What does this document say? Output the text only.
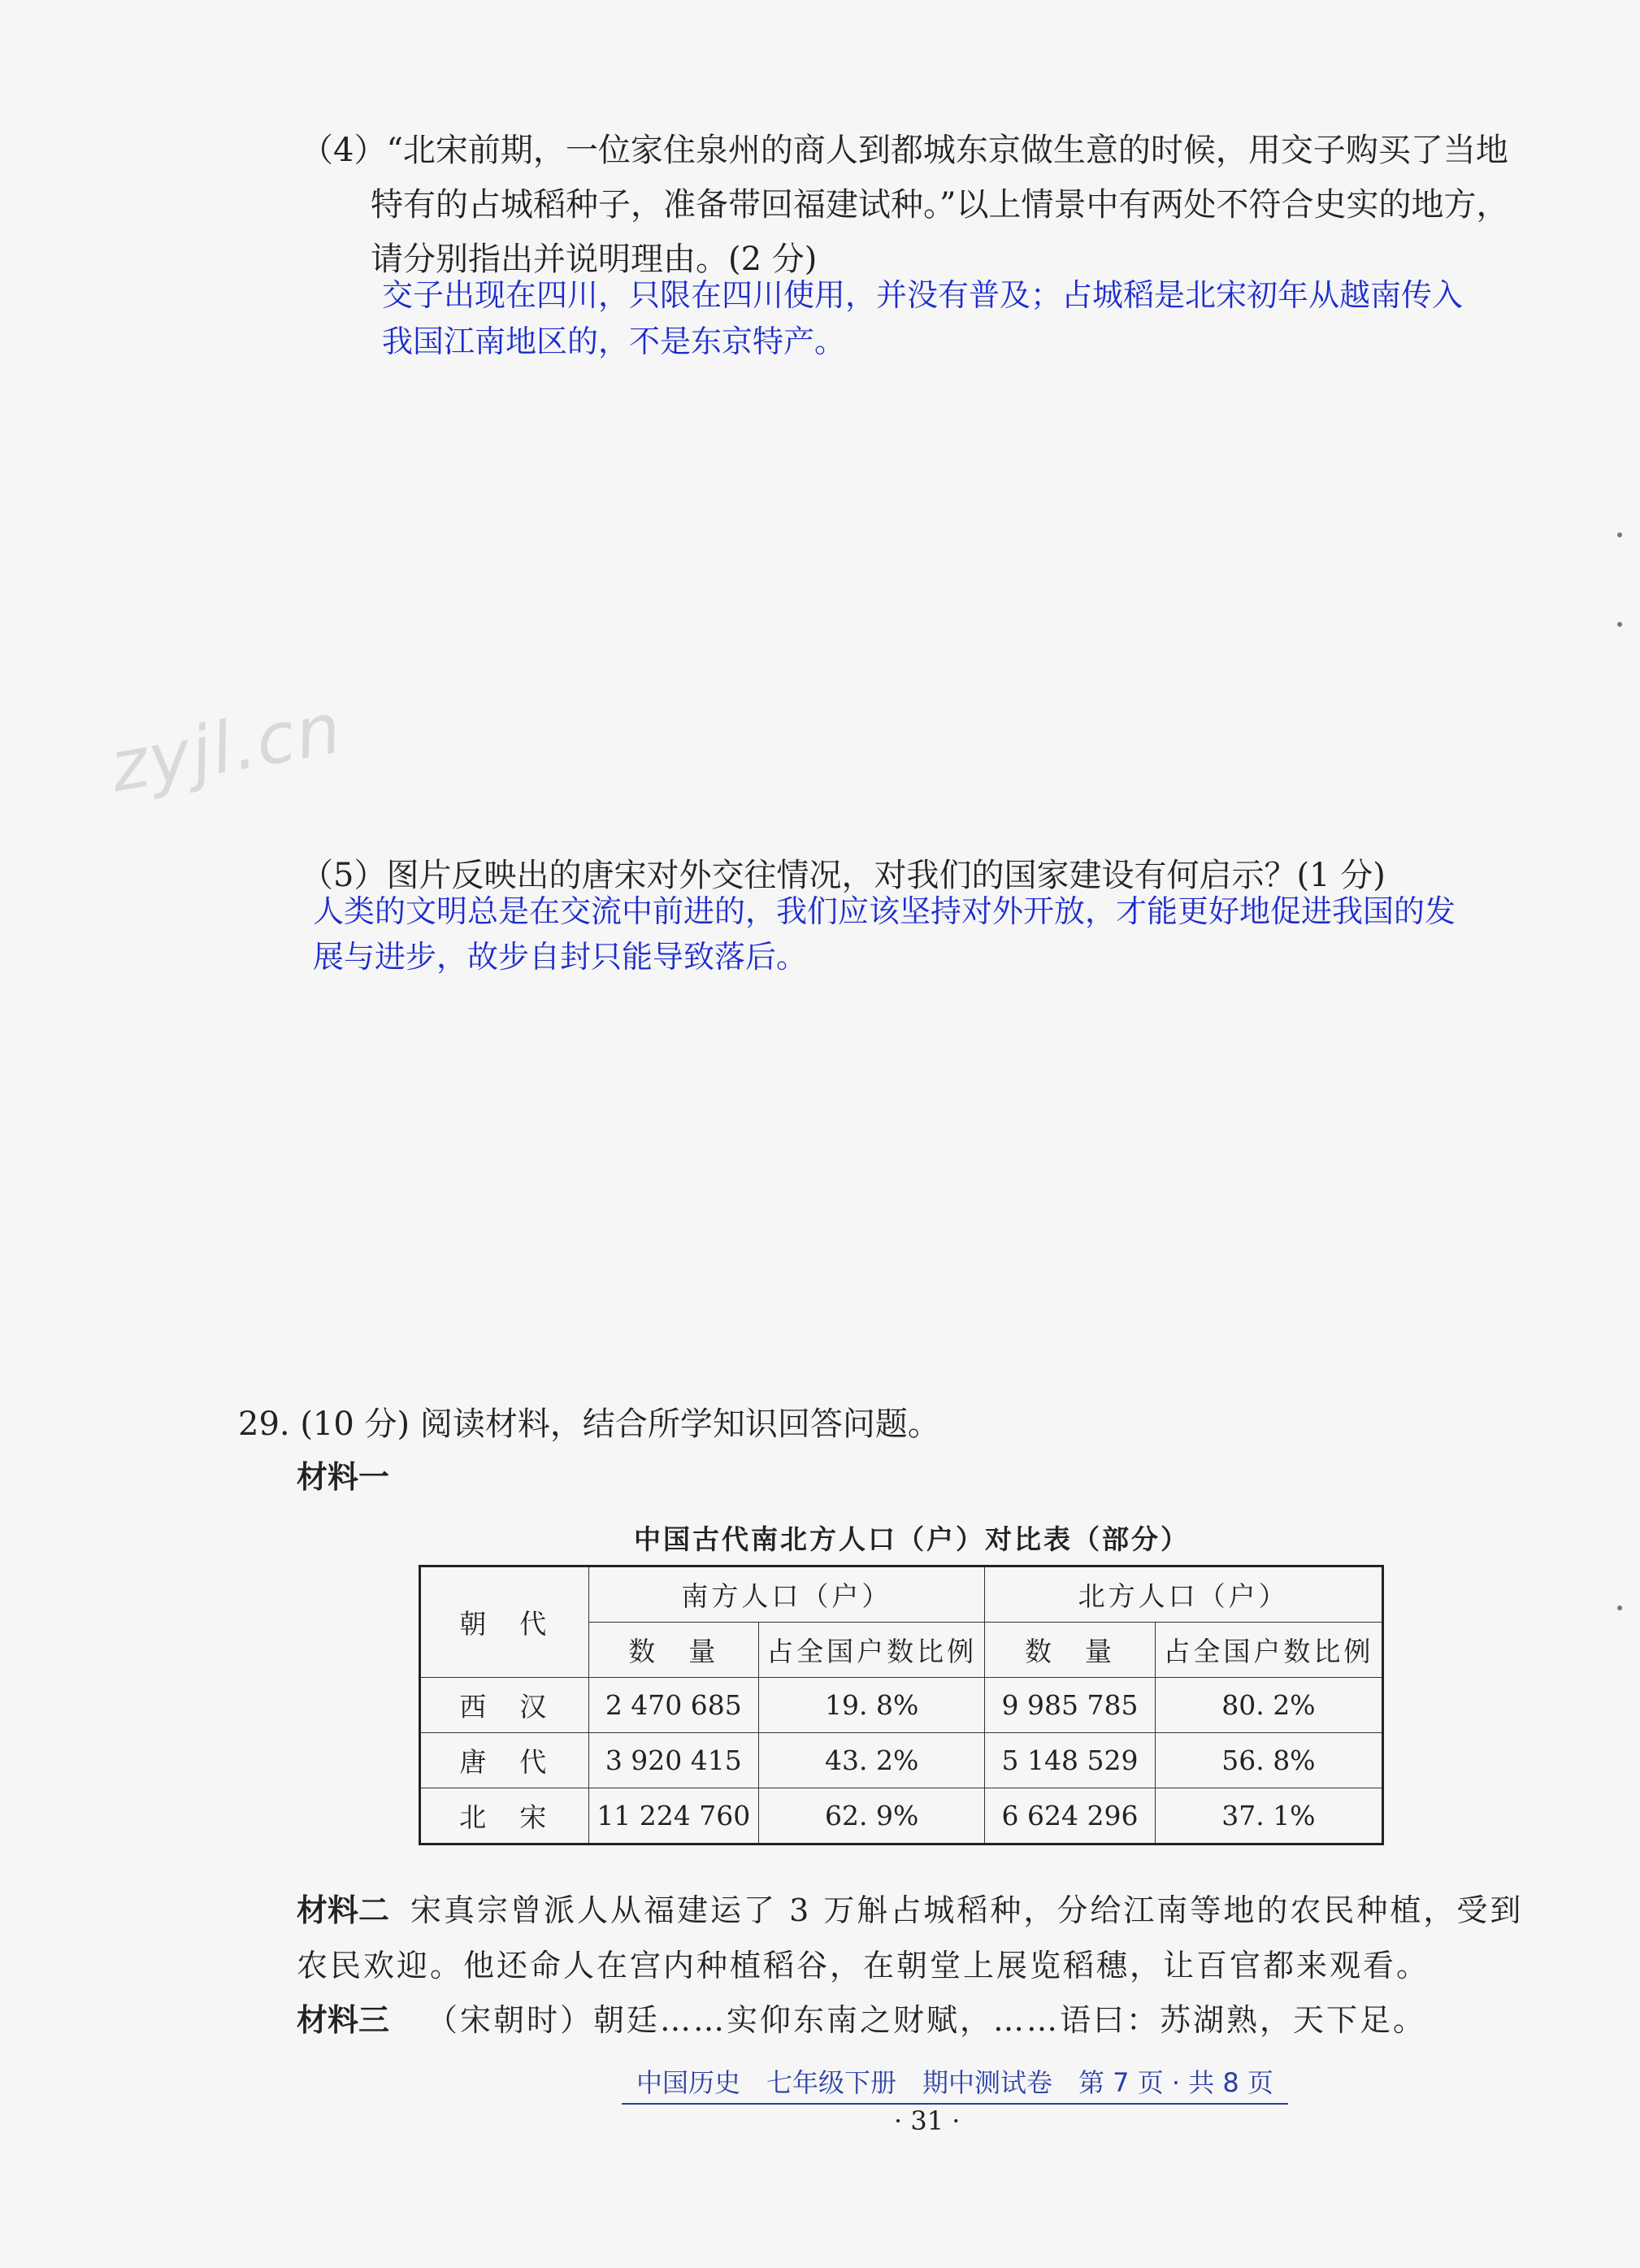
（4）“北宋前期，一位家住泉州的商人到都城东京做生意的时候，用交子购买了当地
特有的占城稻种子，准备带回福建试种。”以上情景中有两处不符合史实的地方，
请分别指出并说明理由。(2 分)
交子出现在四川，只限在四川使用，并没有普及；占城稻是北宋初年从越南传入
我国江南地区的，不是东京特产。
zyjl.cn
（5）图片反映出的唐宋对外交往情况，对我们的国家建设有何启示？(1 分)
人类的文明总是在交流中前进的，我们应该坚持对外开放，才能更好地促进我国的发
展与进步，故步自封只能导致落后。
29. (10 分) 阅读材料，结合所学知识回答问题。
材料一
中国古代南北方人口（户）对比表（部分）
朝　代	南方人口（户）		北方人口（户）	
	数　量	占全国户数比例	数　量	占全国户数比例
西　汉	2 470 685	19. 8%	9 985 785	80. 2%
唐　代	3 920 415	43. 2%	5 148 529	56. 8%
北　宋	11 224 760	62. 9%	6 624 296	37. 1%
材料二 宋真宗曾派人从福建运了 3 万斛占城稻种，分给江南等地的农民种植，受到
农民欢迎。他还命人在宫内种植稻谷，在朝堂上展览稻穗，让百官都来观看。
材料三 （宋朝时）朝廷……实仰东南之财赋，……语曰：苏湖熟，天下足。
中国历史　七年级下册　期中测试卷　第 7 页 · 共 8 页
· 31 ·
